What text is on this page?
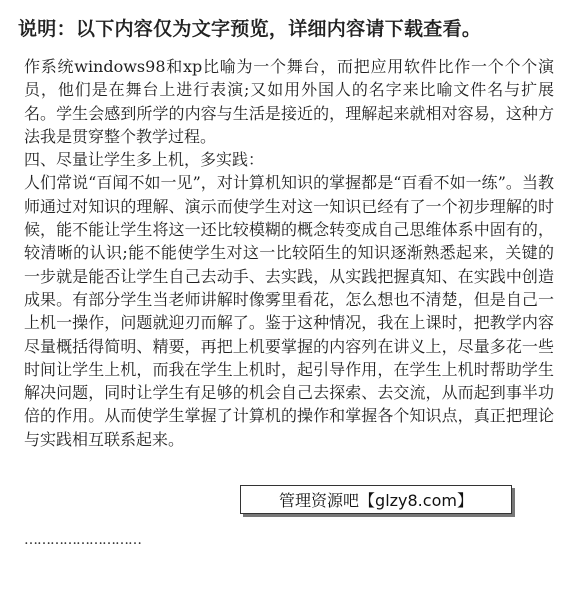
说明：以下内容仅为文字预览，详细内容请下载查看。

作系统windows98和xp比喻为一个舞台，而把应用软件比作一个个个演员，他们是在舞台上进行表演;又如用外国人的名字来比喻文件名与扩展名。学生会感到所学的内容与生活是接近的，理解起来就相对容易，这种方法我是贯穿整个教学过程。

四、尽量让学生多上机，多实践：

人们常说“百闻不如一见”，对计算机知识的掌握都是“百看不如一练”。当教师通过对知识的理解、演示而使学生对这一知识已经有了一个初步理解的时候，能不能让学生将这一还比较模糊的概念转变成自己思维体系中固有的，较清晰的认识;能不能使学生对这一比较陌生的知识逐渐熟悉起来，关键的一步就是能否让学生自己去动手、去实践，从实践把握真知、在实践中创造成果。有部分学生当老师讲解时像雾里看花，怎么想也不清楚，但是自己一上机一操作，问题就迎刃而解了。鉴于这种情况，我在上课时，把教学内容尽量概括得简明、精要，再把上机要掌握的内容列在讲义上，尽量多花一些时间让学生上机，而我在学生上机时，起引导作用，在学生上机时帮助学生解决问题，同时让学生有足够的机会自己去探索、去交流，从而起到事半功倍的作用。从而使学生掌握了计算机的操作和掌握各个知识点，真正把理论与实践相互联系起来。

………………………
管理资源吧【glzy8.com】
